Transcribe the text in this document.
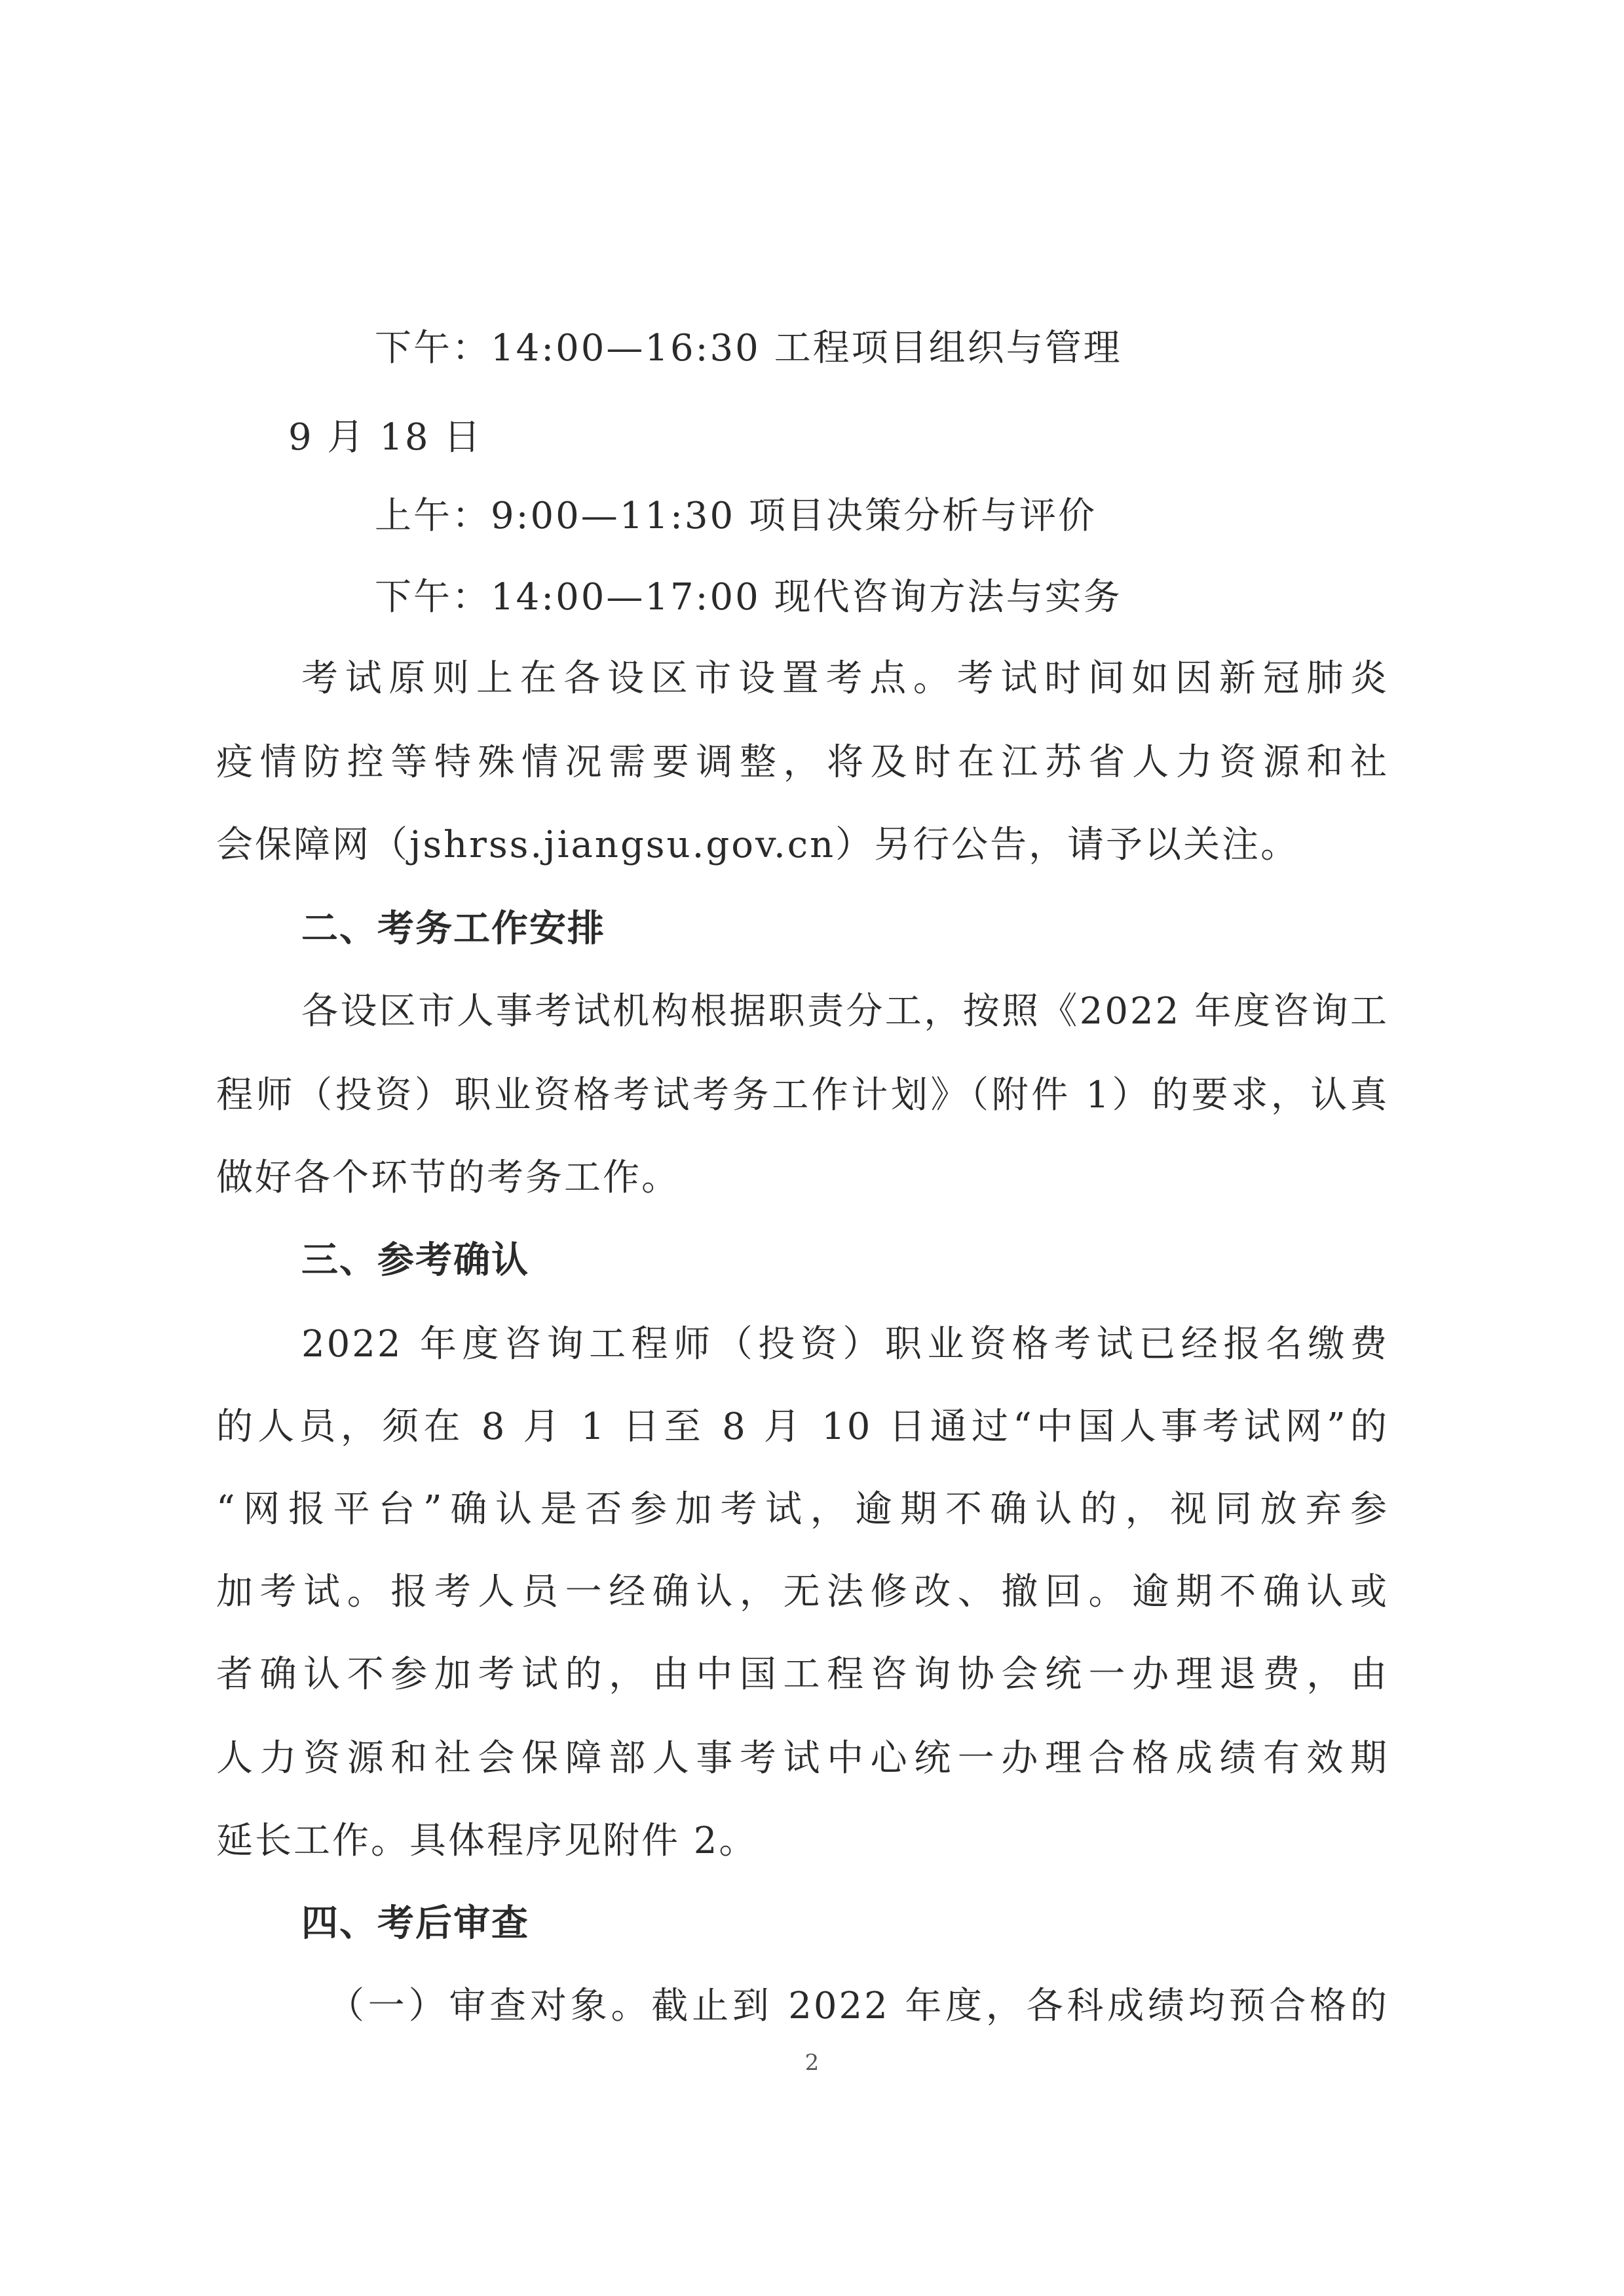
下午：14:00—16:30 工程项目组织与管理
9 月 18 日
上午：9:00—11:30 项目决策分析与评价
下午：14:00—17:00 现代咨询方法与实务
考试原则上在各设区市设置考点。考试时间如因新冠肺炎
疫情防控等特殊情况需要调整，将及时在江苏省人力资源和社
会保障网（jshrss.jiangsu.gov.cn）另行公告，请予以关注。
二、考务工作安排
各设区市人事考试机构根据职责分工，按照《2022 年度咨询工
程师（投资）职业资格考试考务工作计划》（附件 1）的要求，认真
做好各个环节的考务工作。
三、参考确认
2022 年度咨询工程师（投资）职业资格考试已经报名缴费
的人员，须在 8 月 1 日至 8 月 10 日通过“中国人事考试网”的
“网报平台”确认是否参加考试，逾期不确认的，视同放弃参
加考试。报考人员一经确认，无法修改、撤回。逾期不确认或
者确认不参加考试的，由中国工程咨询协会统一办理退费，由
人力资源和社会保障部人事考试中心统一办理合格成绩有效期
延长工作。具体程序见附件 2。
四、考后审查
（一）审查对象。截止到 2022 年度，各科成绩均预合格的
2
